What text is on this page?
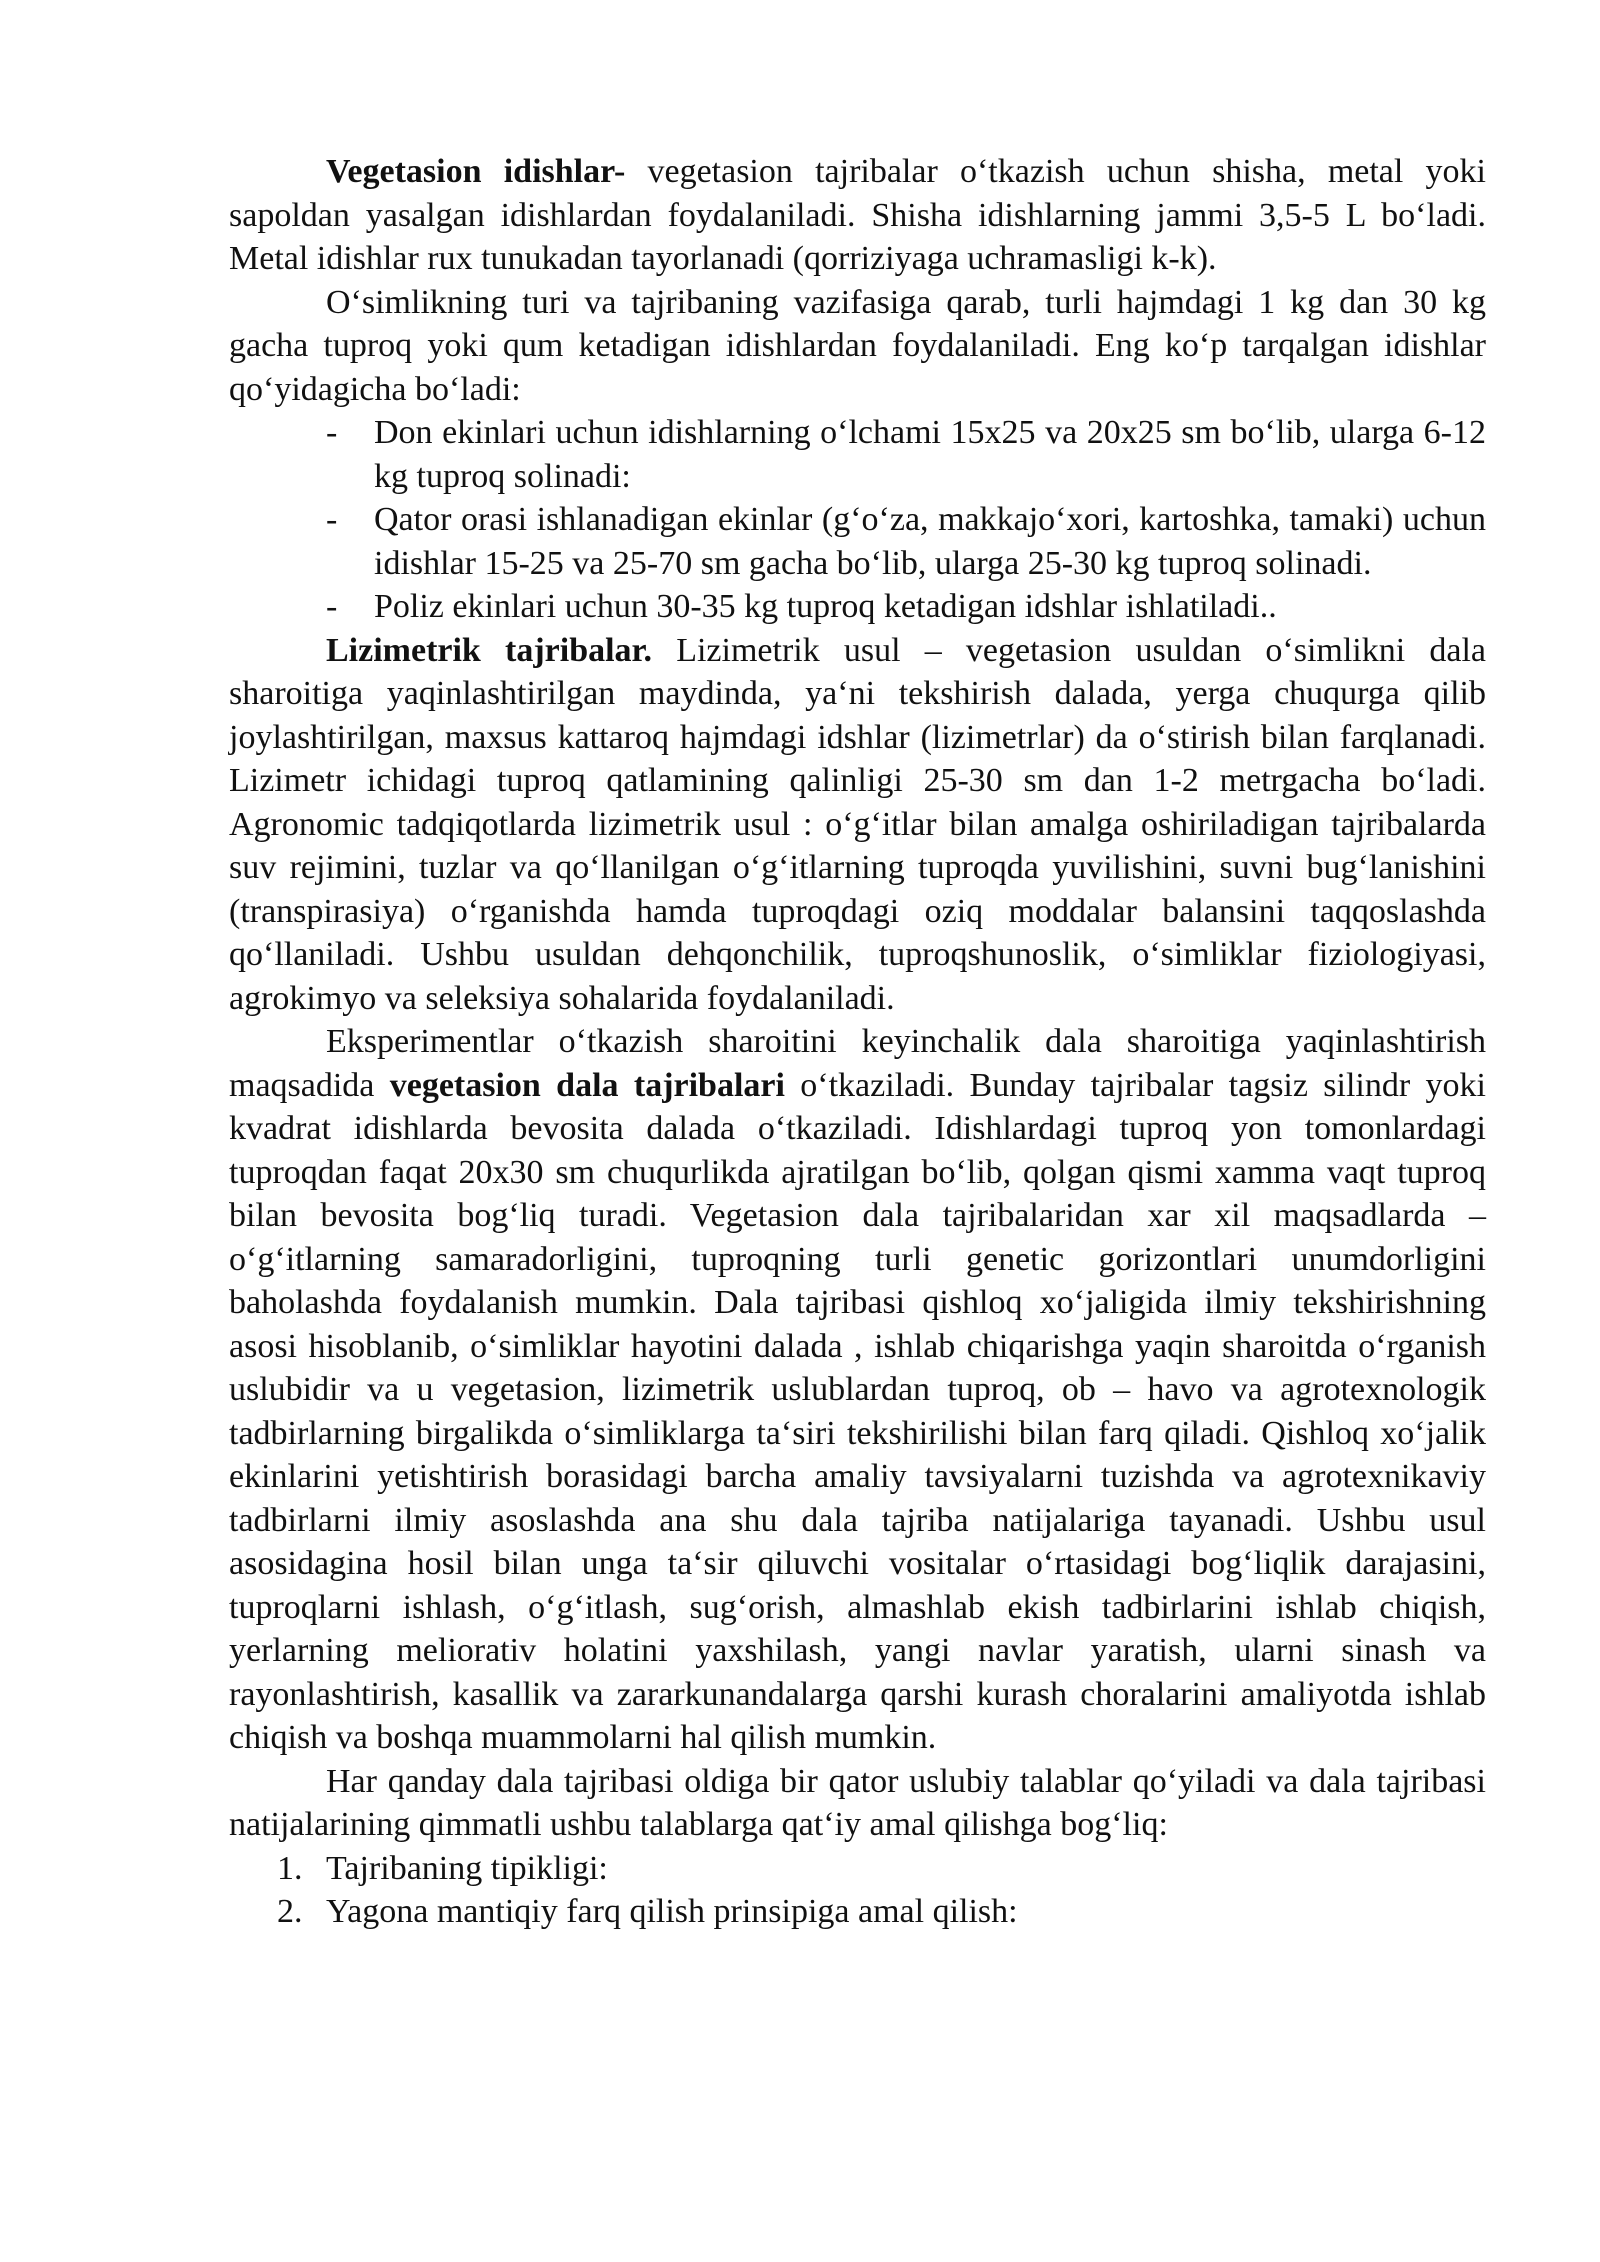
Vegetasion idishlar- vegetasion tajribalar o‘tkazish uchun shisha, metal yoki sapoldan yasalgan idishlardan foydalaniladi. Shisha idishlarning jammi 3,5-5 L bo‘ladi. Metal idishlar rux tunukadan tayorlanadi (qorriziyaga uchramasligi k-k).

O‘simlikning turi va tajribaning vazifasiga qarab, turli hajmdagi 1 kg dan 30 kg gacha tuproq yoki qum ketadigan idishlardan foydalaniladi. Eng ko‘p tarqalgan idishlar qo‘yidagicha bo‘ladi:

- Don ekinlari uchun idishlarning o‘lchami 15x25 va 20x25 sm bo‘lib, ularga 6-12 kg tuproq solinadi:
- Qator orasi ishlanadigan ekinlar (g‘o‘za, makkajo‘xori, kartoshka, tamaki) uchun idishlar 15-25 va 25-70 sm gacha bo‘lib, ularga 25-30 kg tuproq solinadi.
- Poliz ekinlari uchun 30-35 kg tuproq ketadigan idshlar ishlatiladi..

Lizimetrik tajribalar. Lizimetrik usul – vegetasion usuldan o‘simlikni dala sharoitiga yaqinlashtirilgan maydinda, ya‘ni tekshirish dalada, yerga chuqurga qilib joylashtirilgan, maxsus kattaroq hajmdagi idshlar (lizimetrlar) da o‘stirish bilan farqlanadi. Lizimetr ichidagi tuproq qatlamining qalinligi 25-30 sm dan 1-2 metrgacha bo‘ladi. Agronomic tadqiqotlarda lizimetrik usul : o‘g‘itlar bilan amalga oshiriladigan tajribalarda suv rejimini, tuzlar va qo‘llanilgan o‘g‘itlarning tuproqda yuvilishini, suvni bug‘lanishini (transpirasiya) o‘rganishda hamda tuproqdagi oziq moddalar balansini taqqoslashda qo‘llaniladi. Ushbu usuldan dehqonchilik, tuproqshunoslik, o‘simliklar fiziologiyasi, agrokimyo va seleksiya sohalarida foydalaniladi.

Eksperimentlar o‘tkazish sharoitini keyinchalik dala sharoitiga yaqinlashtirish maqsadida vegetasion dala tajribalari o‘tkaziladi. Bunday tajribalar tagsiz silindr yoki kvadrat idishlarda bevosita dalada o‘tkaziladi. Idishlardagi tuproq yon tomonlardagi tuproqdan faqat 20x30 sm chuqurlikda ajratilgan bo‘lib, qolgan qismi xamma vaqt tuproq bilan bevosita bog‘liq turadi. Vegetasion dala tajribalaridan xar xil maqsadlarda – o‘g‘itlarning samaradorligini, tuproqning turli genetic gorizontlari unumdorligini baholashda foydalanish mumkin. Dala tajribasi qishloq xo‘jaligida ilmiy tekshirishning asosi hisoblanib, o‘simliklar hayotini dalada , ishlab chiqarishga yaqin sharoitda o‘rganish uslubidir va u vegetasion, lizimetrik uslublardan tuproq, ob – havo va agrotexnologik tadbirlarning birgalikda o‘simliklarga ta‘siri tekshirilishi bilan farq qiladi. Qishloq xo‘jalik ekinlarini yetishtirish borasidagi barcha amaliy tavsiyalarni tuzishda va agrotexnikaviy tadbirlarni ilmiy asoslashda ana shu dala tajriba natijalariga tayanadi. Ushbu usul asosidagina hosil bilan unga ta‘sir qiluvchi vositalar o‘rtasidagi bog‘liqlik darajasini, tuproqlarni ishlash, o‘g‘itlash, sug‘orish, almashlab ekish tadbirlarini ishlab chiqish, yerlarning meliorativ holatini yaxshilash, yangi navlar yaratish, ularni sinash va rayonlashtirish, kasallik va zararkunandalarga qarshi kurash choralarini amaliyotda ishlab chiqish va boshqa muammolarni hal qilish mumkin.

Har qanday dala tajribasi oldiga bir qator uslubiy talablar qo‘yiladi va dala tajribasi natijalarining qimmatli ushbu talablarga qat‘iy amal qilishga bog‘liq:

1. Tajribaning tipikligi:
2. Yagona mantiqiy farq qilish prinsipiga amal qilish:
